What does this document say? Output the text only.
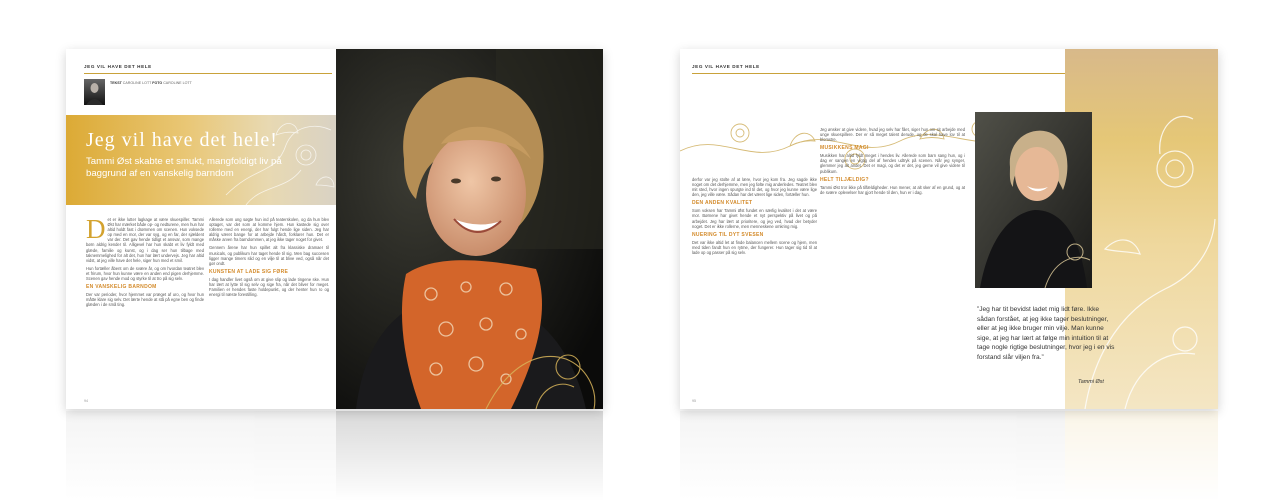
JEG VIL HAVE DET HELE
TEKST CAROLINE LOTT FOTO CAROLINE LOTT
Jeg vil have det hele!
Tammi Øst skabte et smukt, mangfoldigt liv på baggrund af en vanskelig barndom
D et er ikke lutter lagkage at være skuespiller. Tammi Øst har mærket både op- og nedturene, men hun har altid holdt fast i drømmen om scenen. Hun voksede op med en mor, der var syg, og en far, der sjældent var der. Det gav hende tidligt et ansvar, som mange børn aldrig kender til. Alligevel har hun skabt et liv fyldt med glæde, familie og kunst, og i dag ser hun tilbage med taknemmelighed for alt det, hun har lært undervejs. Jeg har altid vidst, at jeg ville have det hele, siger hun med et smil.
Hun fortæller åbent om de svære år, og om hvordan teatret blev et frirum, hvor hun kunne være en anden end pigen derhjemme. Scenen gav hende mod og styrke til at tro på sig selv.
EN VANSKELIG BARNDOM
Der var perioder, hvor hjemmet var præget af uro, og hvor hun måtte klare sig selv. Det lærte hende at stå på egne ben og finde glæden i de små ting.
Allerede som ung søgte hun ind på teaterskolen, og da hun blev optaget, var det som at komme hjem. Hun kastede sig over rollerne med en energi, der har fulgt hende lige siden. Jeg har aldrig været bange for at arbejde hårdt, forklarer hun. Det er måske arven fra barndommen, at jeg ikke tager noget for givet.
Gennem årene har hun spillet alt fra klassiske dramaer til musicals, og publikum har taget hende til sig. Men bag succesen ligger mange timers slid og en vilje til at blive ved, også når det gør ondt.
KUNSTEN AT LADE SIG FØRE
I dag handler livet også om at give slip og lade tingene ske. Hun har lært at lytte til sig selv og sige fra, når det bliver for meget. Familien er hendes faste holdepunkt, og der henter hun ro og energi til næste forestilling.
94
JEG VIL HAVE DET HELE
derfor var jeg stolte af at lære, hvor jeg kom fra. Jeg sagde ikke noget om det derhjemme, men jeg følte mig anderledes. Teatret blev mit sted, hvor ingen spurgte ind til det, og hvor jeg kunne være lige den, jeg ville være. Sådan har det været lige siden, fortæller hun.
DEN ANDEN KVALITET
Som voksen har Tammi Øst fundet en særlig kvalitet i det at være mor. Børnene har givet hende et nyt perspektiv på livet og på arbejdet. Jeg har lært at prioritere, og jeg ved, hvad der betyder noget. Det er ikke rollerne, men menneskene omkring mig.
NUERING TIL DYT SVESEN
Det var ikke altid let at finde balancen mellem scene og hjem, men med tiden fandt hun en rytme, der fungerer. Hun tager sig tid til at lade op og passer på sig selv.
Jeg ønsker at give videre, hvad jeg selv har fået, siger hun om sit arbejde med unge skuespillere. Der er så meget talent derude, og de skal have lov til at blomstre.
MUSIKKENS MAGI
Musikken har altid fyldt meget i hendes liv. Allerede som barn sang hun, og i dag er sangen en vigtig del af hendes udtryk på scenen. Når jeg synger, glemmer jeg alt andet. Det er magi, og det er det, jeg gerne vil give videre til publikum.
HELT TILJÆLDIG?
Tammi Øst tror ikke på tilfældigheder. Hun mener, at alt sker af en grund, og at de svære oplevelser har gjort hende til den, hun er i dag.
”Jeg har tit bevidst ladet mig lidt føre. Ikke sådan forstået, at jeg ikke tager beslutninger, eller at jeg ikke bruger min vilje. Man kunne sige, at jeg har lært at følge min intuition til at tage nogle rigtige beslutninger, hvor jeg i en vis forstand slår viljen fra.”
Tammi Øst
95
